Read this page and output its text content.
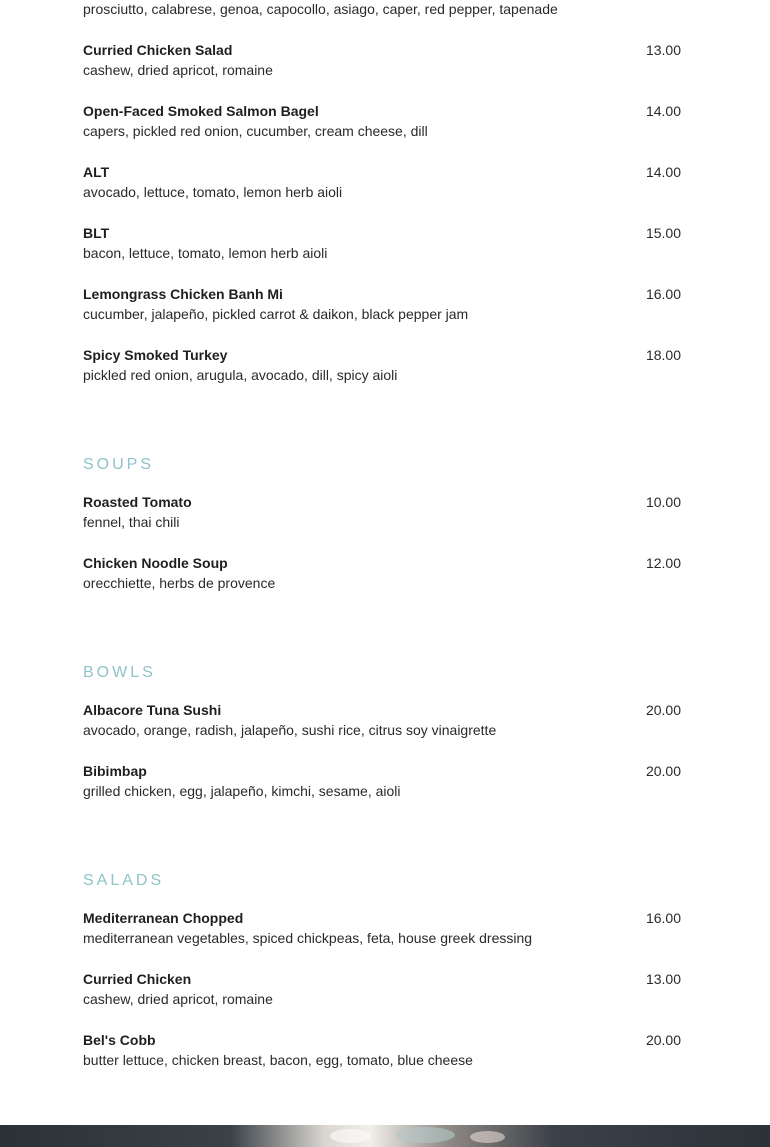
prosciutto, calabrese, genoa, capocollo, asiago, caper, red pepper, tapenade
Curried Chicken Salad
cashew, dried apricot, romaine
13.00
Open-Faced Smoked Salmon Bagel
capers, pickled red onion, cucumber, cream cheese, dill
14.00
ALT
avocado, lettuce, tomato, lemon herb aioli
14.00
BLT
bacon, lettuce, tomato, lemon herb aioli
15.00
Lemongrass Chicken Banh Mi
cucumber, jalapeño, pickled carrot & daikon, black pepper jam
16.00
Spicy Smoked Turkey
pickled red onion, arugula, avocado, dill, spicy aioli
18.00
SOUPS
Roasted Tomato
fennel, thai chili
10.00
Chicken Noodle Soup
orecchiette, herbs de provence
12.00
BOWLS
Albacore Tuna Sushi
avocado, orange, radish, jalapeño, sushi rice, citrus soy vinaigrette
20.00
Bibimbap
grilled chicken, egg, jalapeño, kimchi, sesame, aioli
20.00
SALADS
Mediterranean Chopped
mediterranean vegetables, spiced chickpeas, feta, house greek dressing
16.00
Curried Chicken
cashew, dried apricot, romaine
13.00
Bel's Cobb
butter lettuce, chicken breast, bacon, egg, tomato, blue cheese
20.00
